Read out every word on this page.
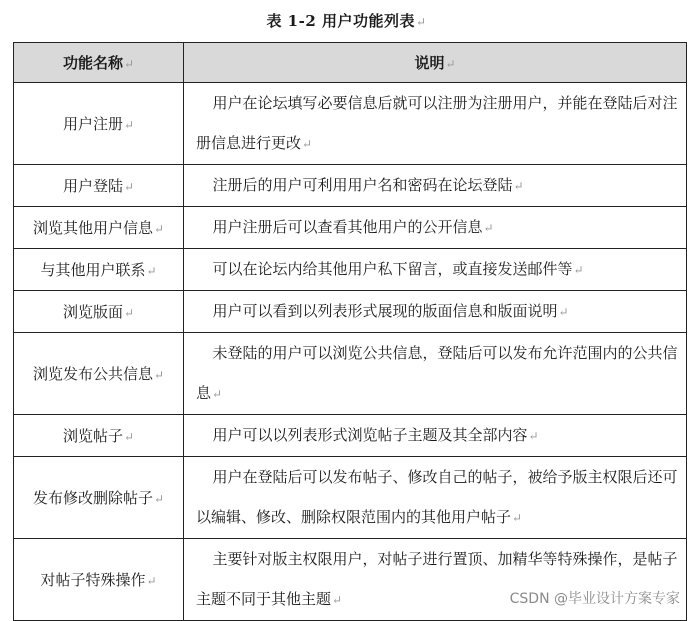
表 1-2 用户功能列表↵
功能名称↵	说明↵
用户注册↵	用户在论坛填写必要信息后就可以注册为注册用户，并能在登陆后对注册信息进行更改↵
用户登陆↵	注册后的用户可利用用户名和密码在论坛登陆↵
浏览其他用户信息↵	用户注册后可以查看其他用户的公开信息↵
与其他用户联系↵	可以在论坛内给其他用户私下留言，或直接发送邮件等↵
浏览版面↵	用户可以看到以列表形式展现的版面信息和版面说明↵
浏览发布公共信息↵	未登陆的用户可以浏览公共信息，登陆后可以发布允许范围内的公共信息↵
浏览帖子↵	用户可以以列表形式浏览帖子主题及其全部内容↵
发布修改删除帖子↵	用户在登陆后可以发布帖子、修改自己的帖子，被给予版主权限后还可以编辑、修改、删除权限范围内的其他用户帖子↵
对帖子特殊操作↵	主要针对版主权限用户，对帖子进行置顶、加精华等特殊操作，是帖子主题不同于其他主题↵	CSDN @毕业设计方案专家
